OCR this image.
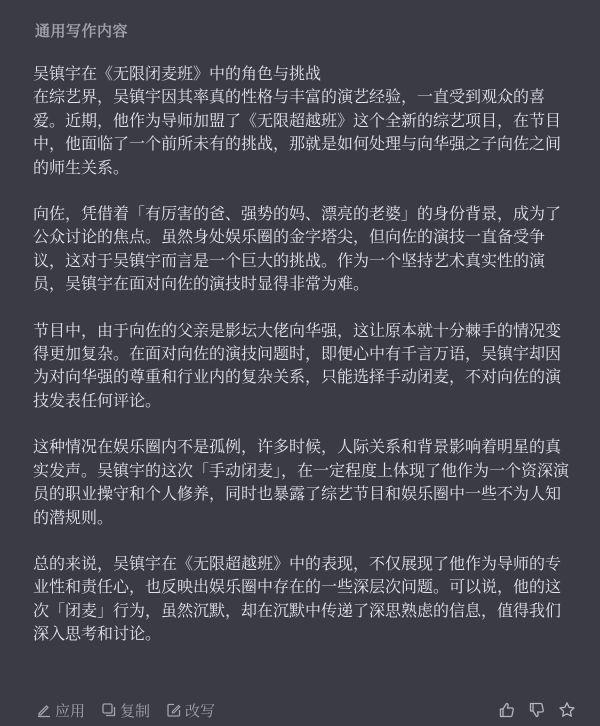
通用写作内容

吴镇宇在《无限闭麦班》中的角色与挑战

在综艺界，吴镇宇因其率真的性格与丰富的演艺经验，一直受到观众的喜爱。近期，他作为导师加盟了《无限超越班》这个全新的综艺项目，在节目中，他面临了一个前所未有的挑战，那就是如何处理与向华强之子向佐之间的师生关系。

向佐，凭借着「有厉害的爸、强势的妈、漂亮的老婆」的身份背景，成为了公众讨论的焦点。虽然身处娱乐圈的金字塔尖，但向佐的演技一直备受争议，这对于吴镇宇而言是一个巨大的挑战。作为一个坚持艺术真实性的演员，吴镇宇在面对向佐的演技时显得非常为难。

节目中，由于向佐的父亲是影坛大佬向华强，这让原本就十分棘手的情况变得更加复杂。在面对向佐的演技问题时，即便心中有千言万语，吴镇宇却因为对向华强的尊重和行业内的复杂关系，只能选择手动闭麦，不对向佐的演技发表任何评论。

这种情况在娱乐圈内不是孤例，许多时候，人际关系和背景影响着明星的真实发声。吴镇宇的这次「手动闭麦」，在一定程度上体现了他作为一个资深演员的职业操守和个人修养，同时也暴露了综艺节目和娱乐圈中一些不为人知的潜规则。

总的来说，吴镇宇在《无限超越班》中的表现，不仅展现了他作为导师的专业性和责任心，也反映出娱乐圈中存在的一些深层次问题。可以说，他的这次「闭麦」行为，虽然沉默，却在沉默中传递了深思熟虑的信息，值得我们深入思考和讨论。

应用 复制 改写
